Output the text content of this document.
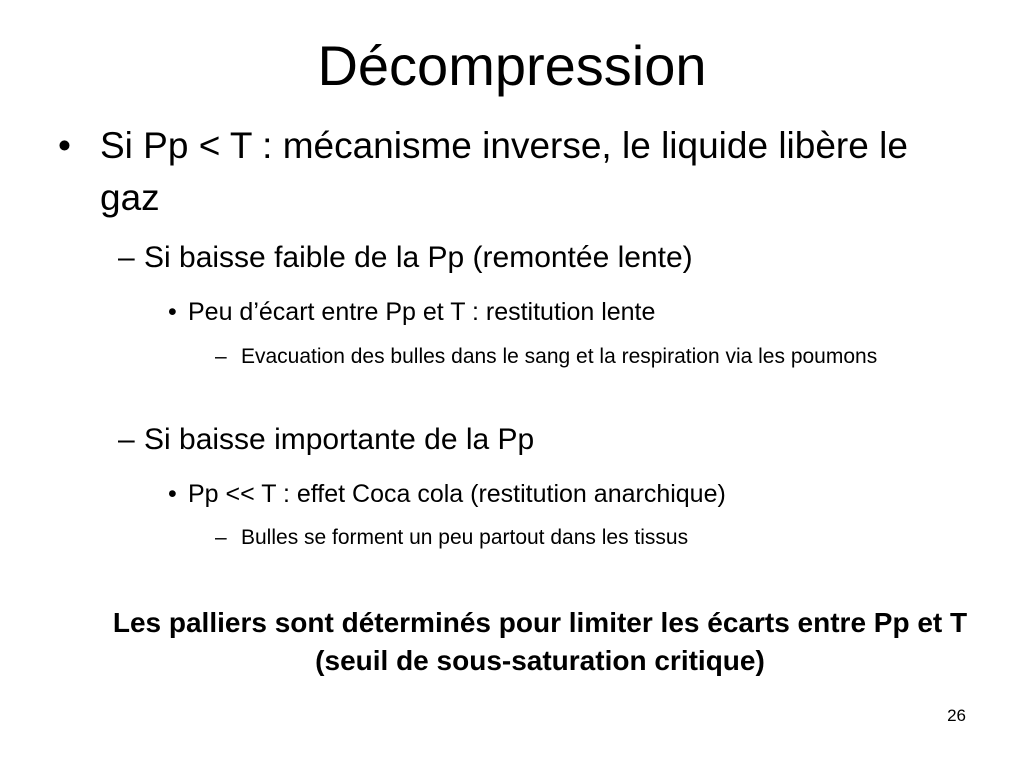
Décompression
• Si Pp < T : mécanisme inverse, le liquide libère le gaz
– Si baisse faible de la Pp (remontée lente)
• Peu d’écart entre Pp et T : restitution lente
– Evacuation des bulles dans le sang et la respiration via les poumons
– Si baisse importante de la Pp
• Pp << T : effet Coca cola (restitution anarchique)
– Bulles se forment un peu partout dans les tissus
Les palliers sont déterminés pour limiter les écarts entre Pp et T (seuil de sous-saturation critique)
26
